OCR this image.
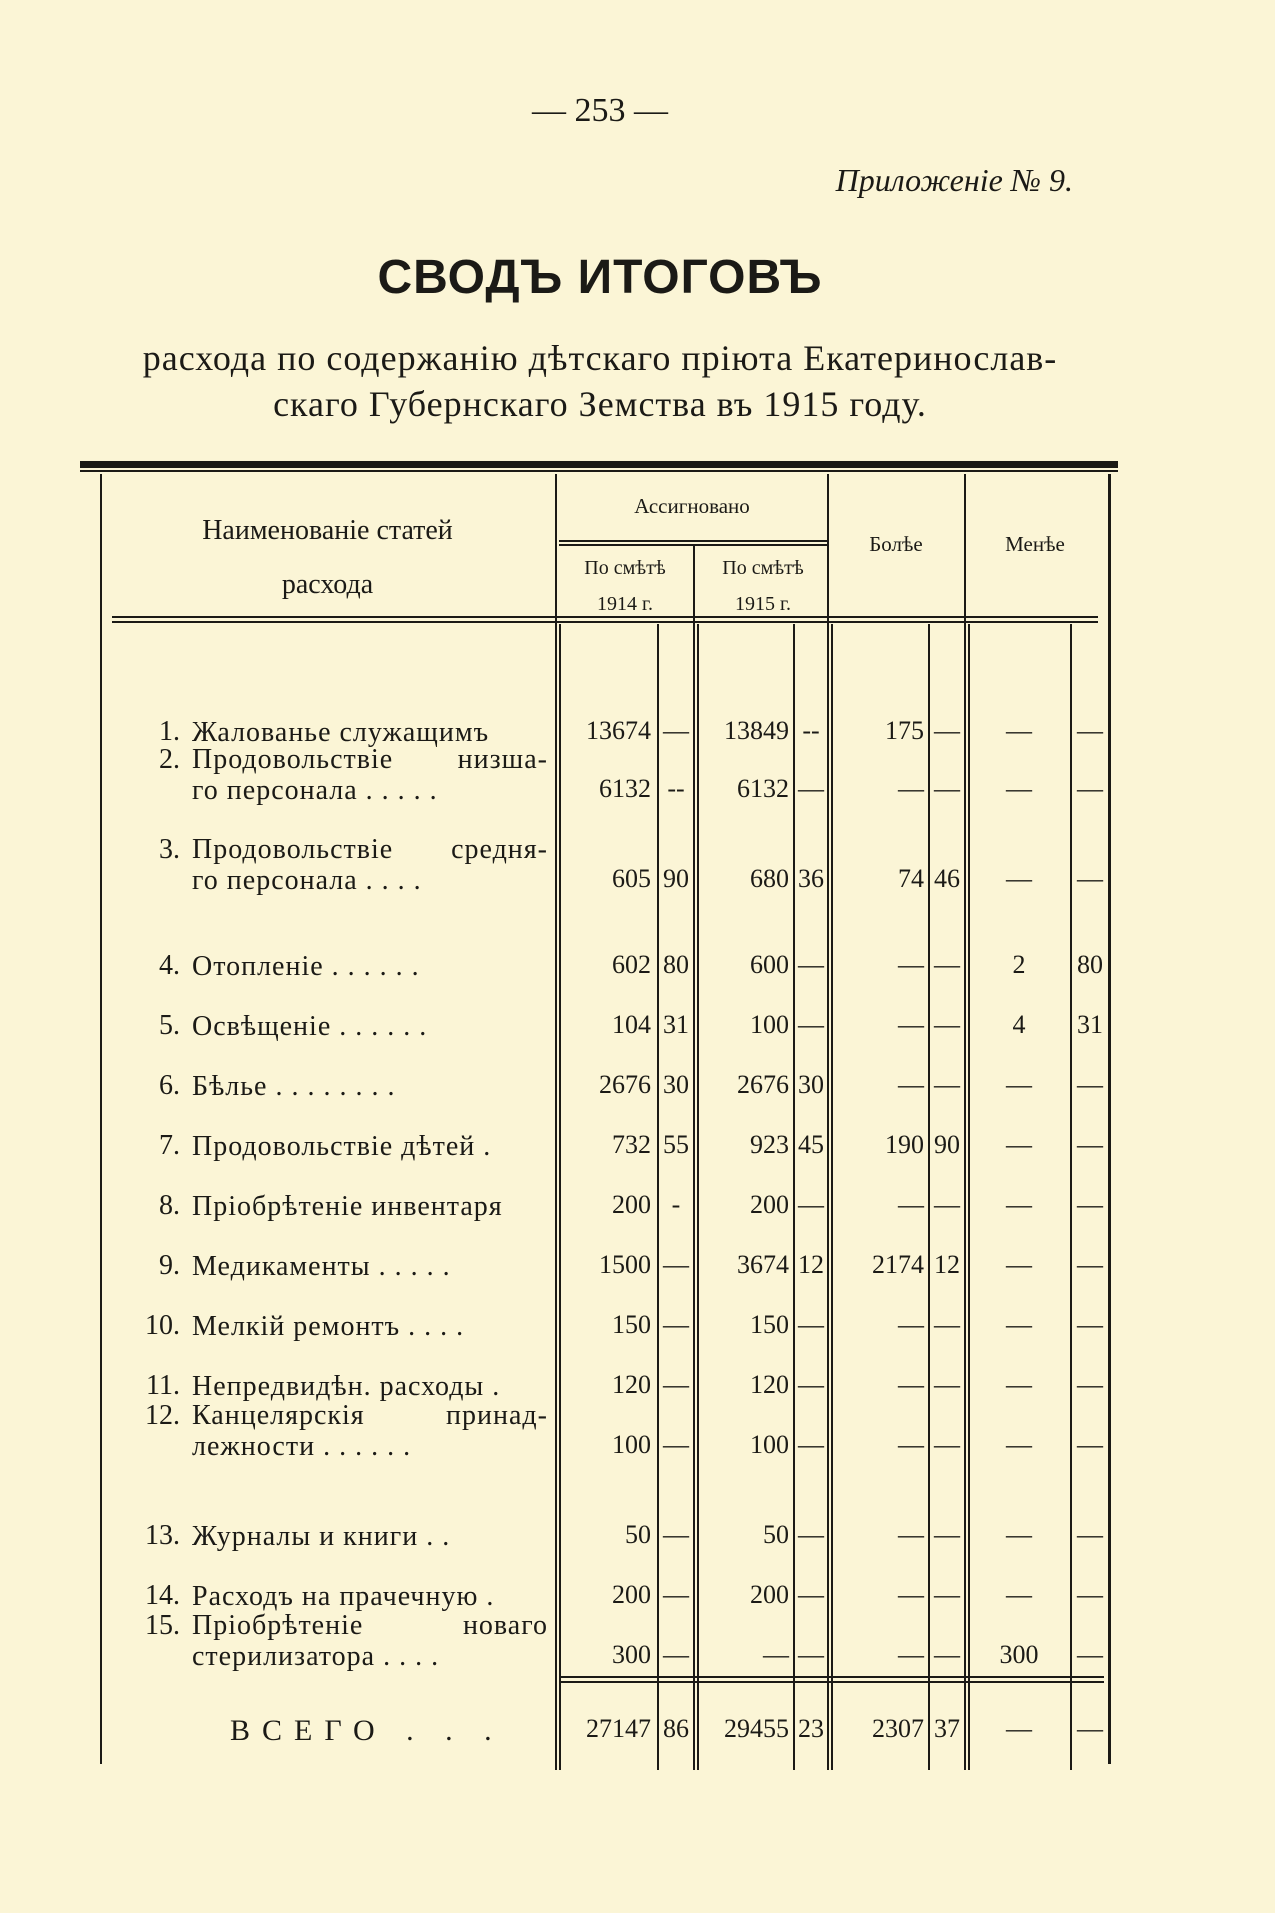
— 253 —
Приложенiе № 9.
СВОДЪ ИТОГОВЪ
расхода по содержанiю дѣтскаго прiюта Екатеринослав-
скаго Губернскаго Земства въ 1915 году.
Наименованiе статей расхода
Ассигновано
По смѣтѣ 1914 г.
По смѣтѣ 1915 г.
Болѣе	Менѣе
1. Жалованье служащимъ	13674 —	13849 --	175 —	—	—
2. Продовольствiе низша-
го персонала . . . . .	6132 --	6132 —	— —	—	—
3. Продовольствiе средня-
го персонала . . . .	605 90	680 36	74 46	—	—
4. Отопленiе . . . . . .	602 80	600 —	— —	2	80
5. Освѣщенiе . . . . . .	104 31	100 —	— —	4	31
6. Бѣлье . . . . . . . .	2676 30	2676 30	— —	—	—
7. Продовольствiе дѣтей .	732 55	923 45	190 90	—	—
8. Прiобрѣтенiе инвентаря	200 -	200 —	— —	—	—
9. Медикаменты . . . . .	1500 —	3674 12	2174 12	—	—
10. Мелкiй ремонтъ . . . .	150 —	150 —	— —	—	—
11. Непредвидѣн. расходы .	120 —	120 —	— —	—	—
12. Канцелярскiя принад-
лежности . . . . . .	100 —	100 —	— —	—	—
13. Журналы и книги . .	50 —	50 —	— —	—	—
14. Расходъ на прачечную .	200 —	200 —	— —	—	—
15. Прiобрѣтенiе новаго
стерилизатора . . . .	300 —	— —	— —	300	—
ВСЕГО . . .	27147 86	29455 23	2307 37	—	—
